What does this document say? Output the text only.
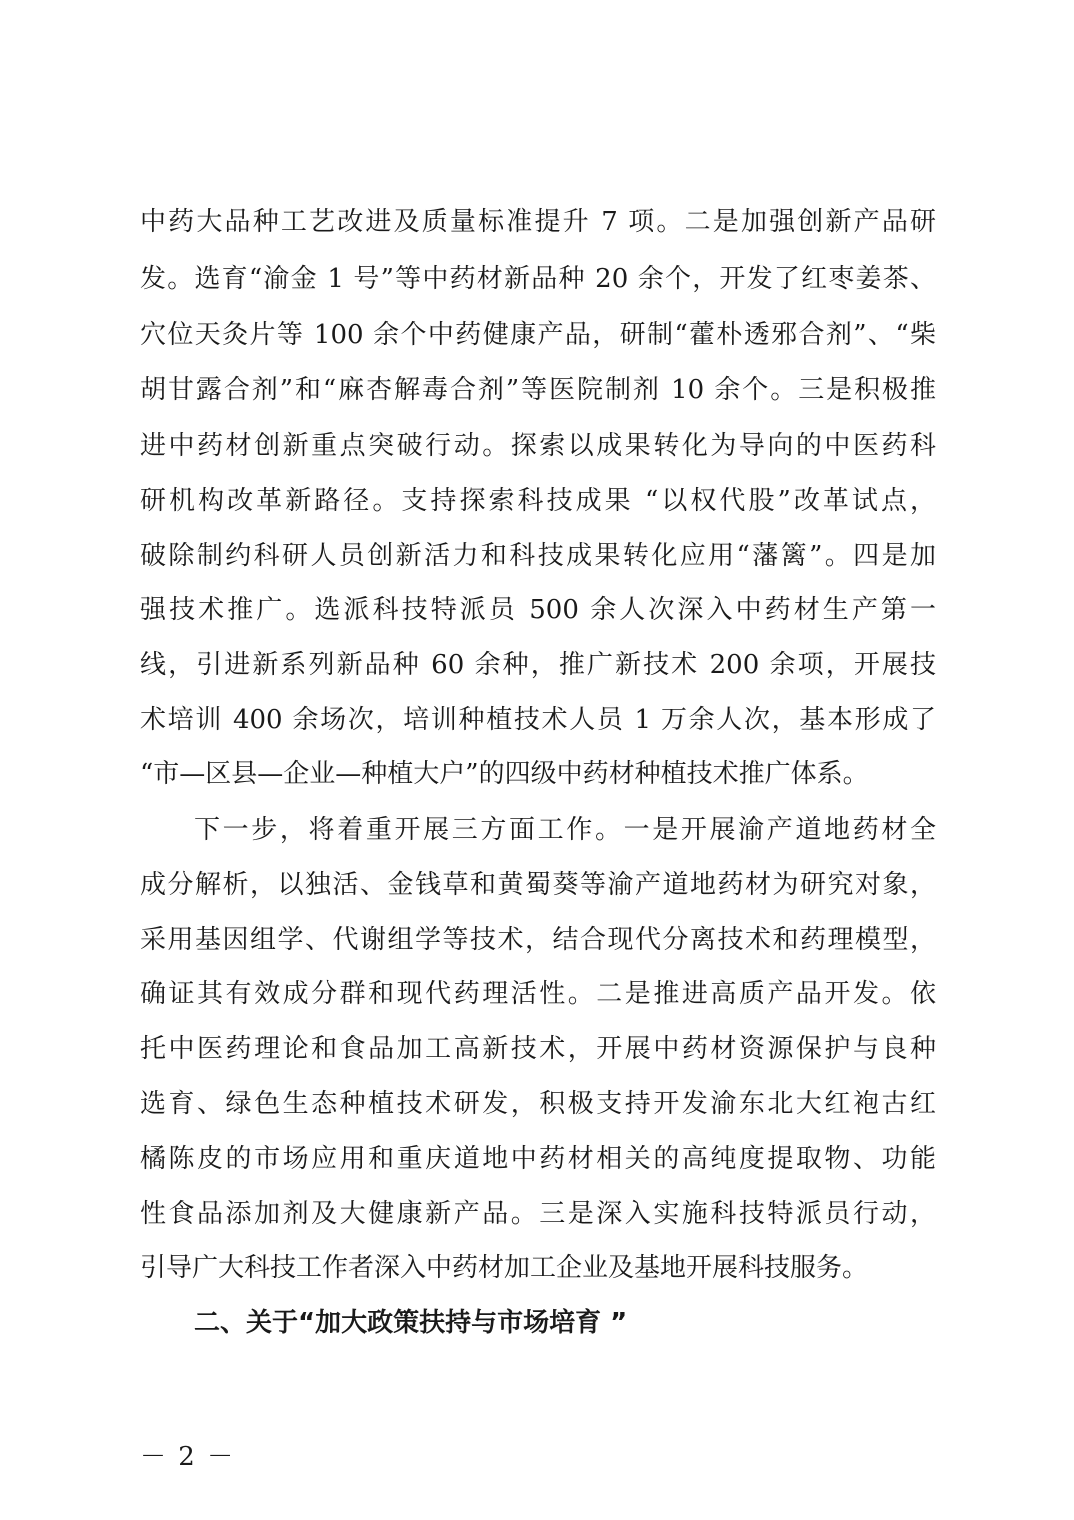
中药大品种工艺改进及质量标准提升 7 项。二是加强创新产品研
发。选育“渝金 1 号”等中药材新品种 20 余个，开发了红枣姜茶、
穴位天灸片等 100 余个中药健康产品，研制“藿朴透邪合剂”、“柴
胡甘露合剂”和“麻杏解毒合剂”等医院制剂 10 余个。三是积极推
进中药材创新重点突破行动。探索以成果转化为导向的中医药科
研机构改革新路径。支持探索科技成果 “以权代股”改革试点，
破除制约科研人员创新活力和科技成果转化应用“藩篱”。四是加
强技术推广。选派科技特派员 500 余人次深入中药材生产第一
线，引进新系列新品种 60 余种，推广新技术 200 余项，开展技
术培训 400 余场次，培训种植技术人员 1 万余人次，基本形成了
“市—区县—企业—种植大户”的四级中药材种植技术推广体系。
下一步，将着重开展三方面工作。一是开展渝产道地药材全
成分解析，以独活、金钱草和黄蜀葵等渝产道地药材为研究对象，
采用基因组学、代谢组学等技术，结合现代分离技术和药理模型，
确证其有效成分群和现代药理活性。二是推进高质产品开发。依
托中医药理论和食品加工高新技术，开展中药材资源保护与良种
选育、绿色生态种植技术研发，积极支持开发渝东北大红袍古红
橘陈皮的市场应用和重庆道地中药材相关的高纯度提取物、功能
性食品添加剂及大健康新产品。三是深入实施科技特派员行动，
引导广大科技工作者深入中药材加工企业及基地开展科技服务。
二、关于“加大政策扶持与市场培育 ”
－ 2 －
